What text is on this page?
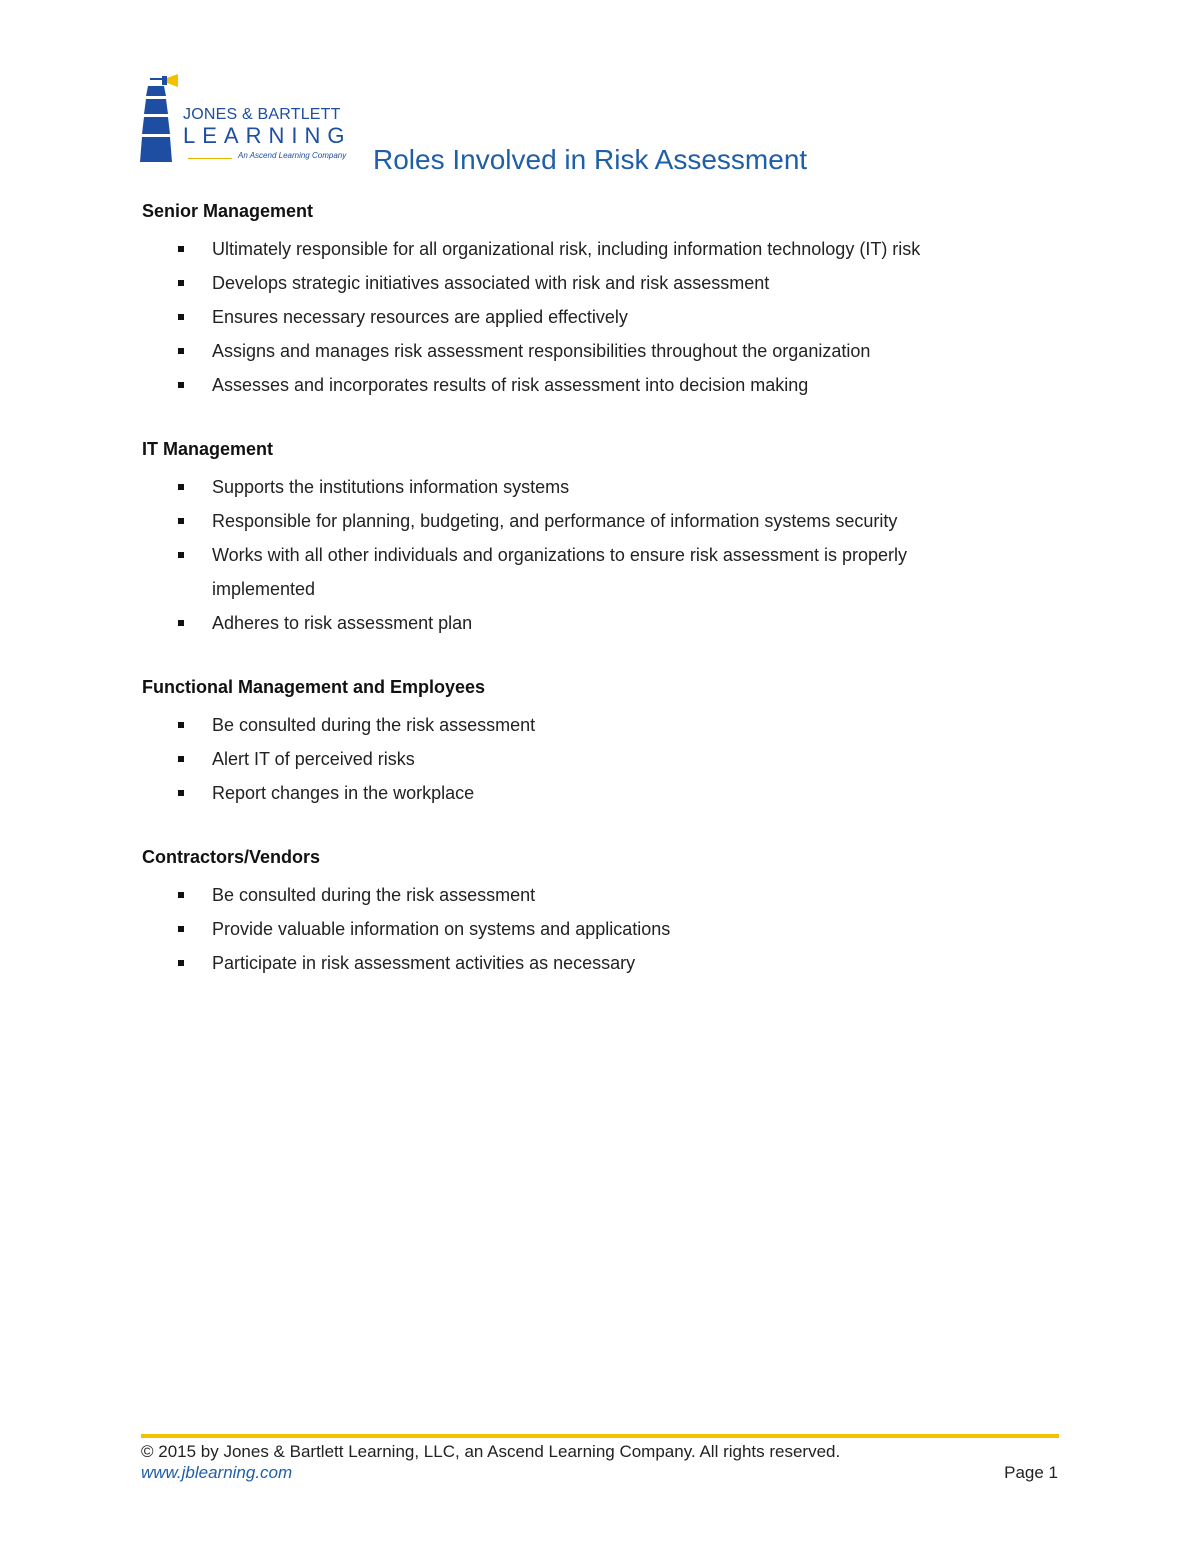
JONES & BARTLETT
LEARNING
An Ascend Learning Company Roles Involved in Risk Assessment
Senior Management
Ultimately responsible for all organizational risk, including information technology (IT) risk
Develops strategic initiatives associated with risk and risk assessment
Ensures necessary resources are applied effectively
Assigns and manages risk assessment responsibilities throughout the organization
Assesses and incorporates results of risk assessment into decision making
IT Management
Supports the institutions information systems
Responsible for planning, budgeting, and performance of information systems security
Works with all other individuals and organizations to ensure risk assessment is properly implemented
Adheres to risk assessment plan
Functional Management and Employees
Be consulted during the risk assessment
Alert IT of perceived risks
Report changes in the workplace
Contractors/Vendors
Be consulted during the risk assessment
Provide valuable information on systems and applications
Participate in risk assessment activities as necessary
© 2015 by Jones & Bartlett Learning, LLC, an Ascend Learning Company. All rights reserved.
www.jblearning.com	Page 1
